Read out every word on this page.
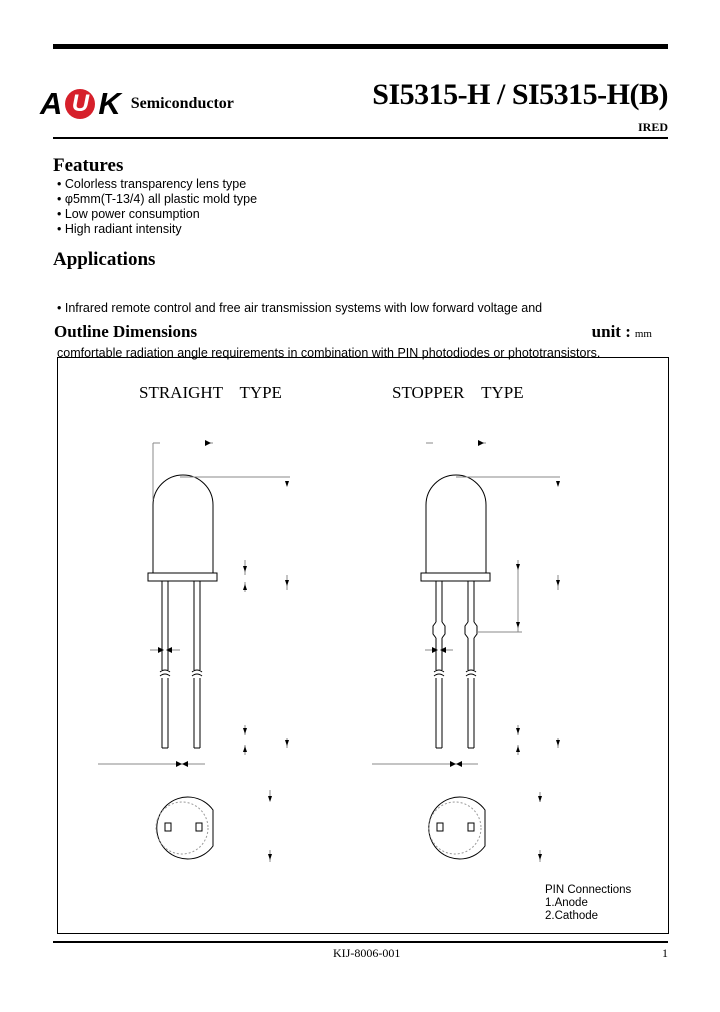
A U K Semiconductor	SI5315-H / SI5315-H(B)
IRED
Features
• Colorless transparency lens type
• φ5mm(T-13/4) all plastic mold type
• Low power consumption
• High radiant intensity
Applications

• Infrared remote control and free air transmission systems with low forward voltage and

comfortable radiation angle requirements in combination with PIN photodiodes or phototransistors.

Outline Dimensions	unit : mm
STRAIGHT    TYPE	STOPPER    TYPE
PIN Connections
1.Anode
2.Cathode
KIJ-8006-001	1
